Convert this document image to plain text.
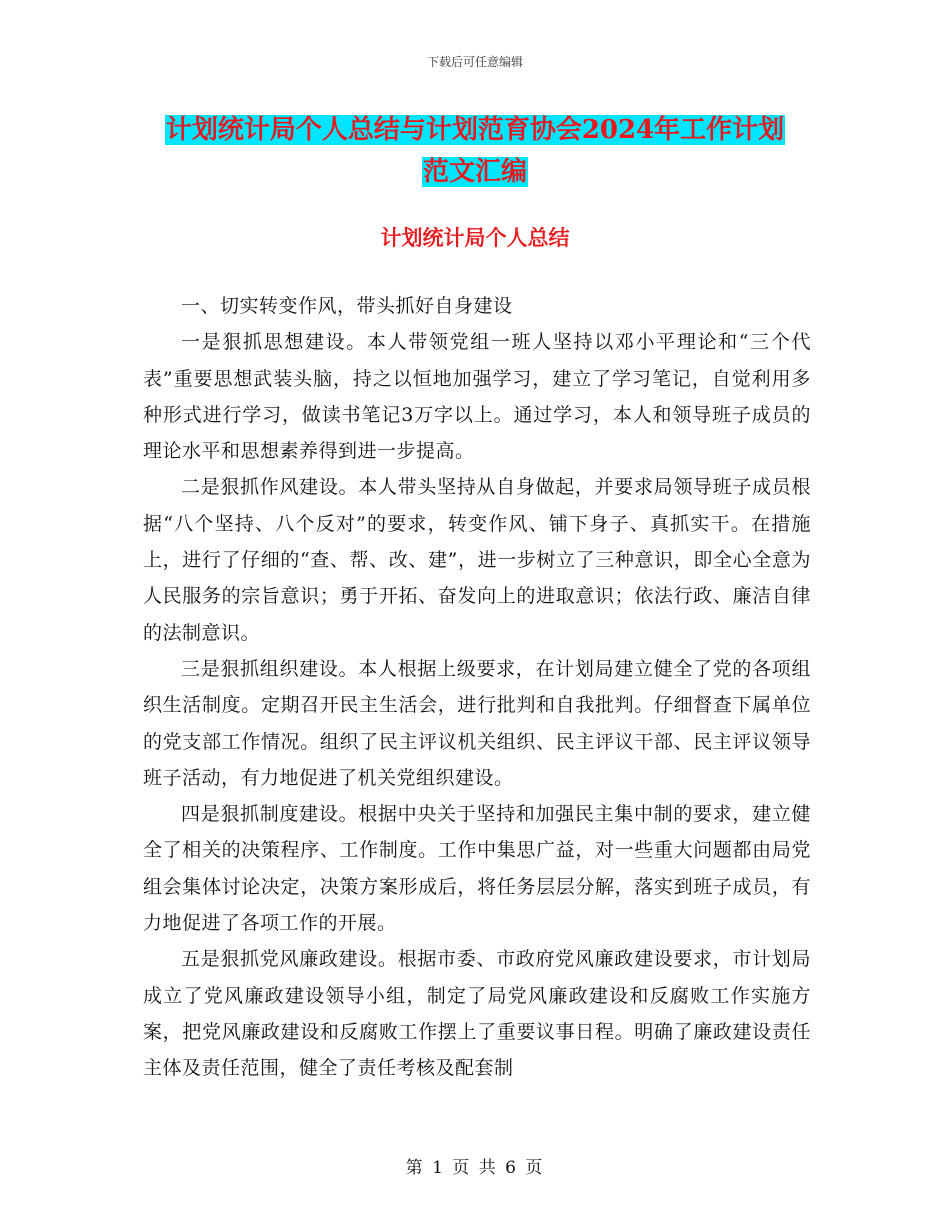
下载后可任意编辑
计划统计局个人总结与计划范育协会2024年工作计划
范文汇编
计划统计局个人总结

一、切实转变作风，带头抓好自身建设

一是狠抓思想建设。本人带领党组一班人坚持以邓小平理论和“三个代表”重要思想武装头脑，持之以恒地加强学习，建立了学习笔记，自觉利用多种形式进行学习，做读书笔记3万字以上。通过学习，本人和领导班子成员的理论水平和思想素养得到进一步提高。

二是狠抓作风建设。本人带头坚持从自身做起，并要求局领导班子成员根据“八个坚持、八个反对”的要求，转变作风、铺下身子、真抓实干。在措施上，进行了仔细的“查、帮、改、建”，进一步树立了三种意识，即全心全意为人民服务的宗旨意识；勇于开拓、奋发向上的进取意识；依法行政、廉洁自律的法制意识。

三是狠抓组织建设。本人根据上级要求，在计划局建立健全了党的各项组织生活制度。定期召开民主生活会，进行批判和自我批判。仔细督查下属单位的党支部工作情况。组织了民主评议机关组织、民主评议干部、民主评议领导班子活动，有力地促进了机关党组织建设。

四是狠抓制度建设。根据中央关于坚持和加强民主集中制的要求，建立健全了相关的决策程序、工作制度。工作中集思广益，对一些重大问题都由局党组会集体讨论决定，决策方案形成后，将任务层层分解，落实到班子成员，有力地促进了各项工作的开展。

五是狠抓党风廉政建设。根据市委、市政府党风廉政建设要求，市计划局成立了党风廉政建设领导小组，制定了局党风廉政建设和反腐败工作实施方案，把党风廉政建设和反腐败工作摆上了重要议事日程。明确了廉政建设责任主体及责任范围，健全了责任考核及配套制

第 1 页 共 6 页
